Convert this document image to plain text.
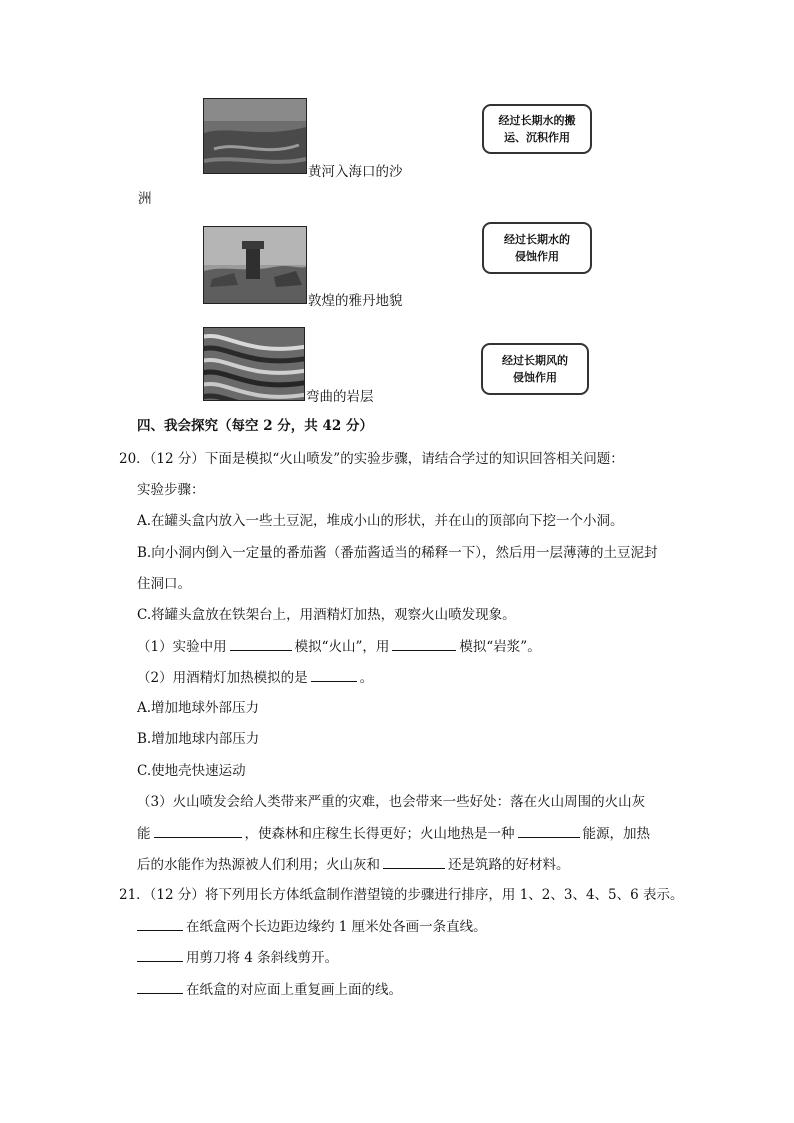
黄河入海口的沙
洲
经过长期水的搬运、沉积作用
敦煌的雅丹地貌
经过长期水的侵蚀作用
弯曲的岩层
经过长期风的侵蚀作用
四、我会探究（每空 2 分，共 42 分）
20．（12 分）下面是模拟“火山喷发”的实验步骤，请结合学过的知识回答相关问题：
实验步骤：
A.在罐头盒内放入一些土豆泥，堆成小山的形状，并在山的顶部向下挖一个小洞。
B.向小洞内倒入一定量的番茄酱（番茄酱适当的稀释一下），然后用一层薄薄的土豆泥封
住洞口。
C.将罐头盒放在铁架台上，用酒精灯加热，观察火山喷发现象。
（1）实验中用	模拟“火山”，用	模拟“岩浆”。
（2）用酒精灯加热模拟的是	。
A.增加地球外部压力
B.增加地球内部压力
C.使地壳快速运动
（3）火山喷发会给人类带来严重的灾难，也会带来一些好处：落在火山周围的火山灰
能	，使森林和庄稼生长得更好；火山地热是一种	能源，加热
后的水能作为热源被人们利用；火山灰和	还是筑路的好材料。
21．（12 分）将下列用长方体纸盒制作潜望镜的步骤进行排序，用 1、2、3、4、5、6 表示。
在纸盒两个长边距边缘约 1 厘米处各画一条直线。
用剪刀将 4 条斜线剪开。
在纸盒的对应面上重复画上面的线。
